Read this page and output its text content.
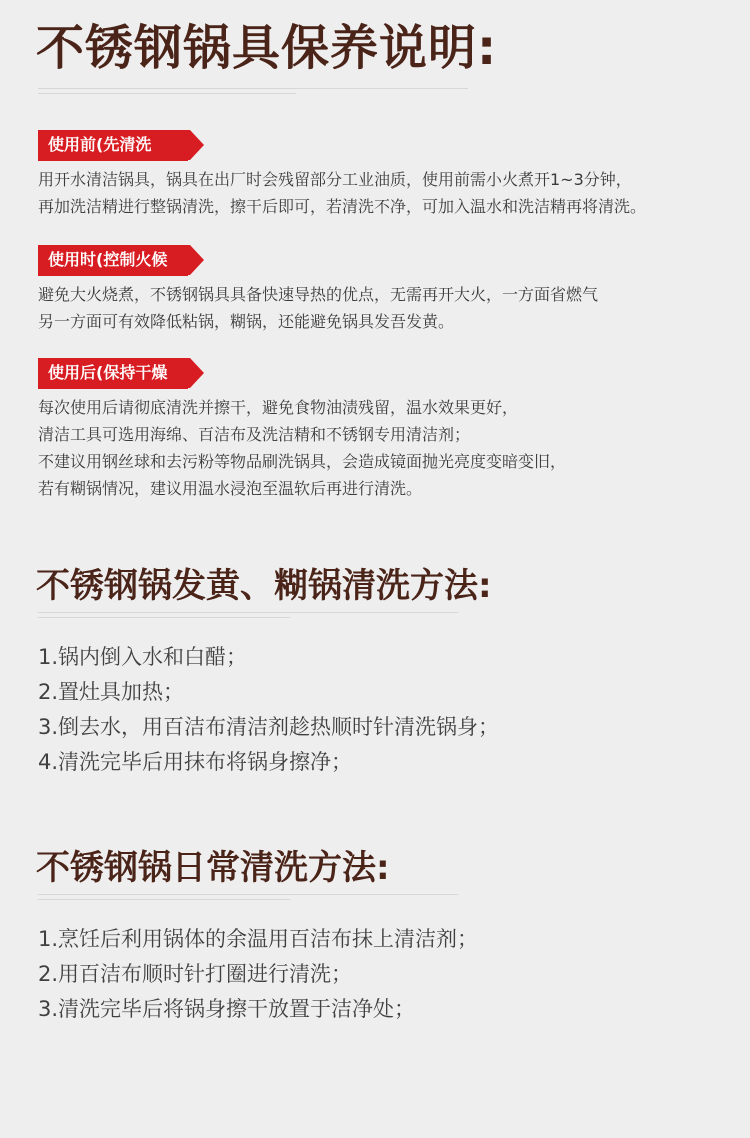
不锈钢锅具保养说明:
使用前(先清洗
用开水清洁锅具，锅具在出厂时会残留部分工业油质，使用前需小火煮开1~3分钟，
再加洗洁精进行整锅清洗，擦干后即可，若清洗不净，可加入温水和洗洁精再将清洗。
使用时(控制火候
避免大火烧煮，不锈钢锅具具备快速导热的优点，无需再开大火，一方面省燃气
另一方面可有效降低粘锅，糊锅，还能避免锅具发吾发黄。
使用后(保持干燥
每次使用后请彻底清洗并擦干，避免食物油渍残留，温水效果更好，
清洁工具可选用海绵、百洁布及洗洁精和不锈钢专用清洁剂；
不建议用钢丝球和去污粉等物品刷洗锅具，会造成镜面抛光亮度变暗变旧，
若有糊锅情况，建议用温水浸泡至温软后再进行清洗。
不锈钢锅发黄、糊锅清洗方法:
1.锅内倒入水和白醋；
2.置灶具加热；
3.倒去水，用百洁布清洁剂趁热顺时针清洗锅身；
4.清洗完毕后用抹布将锅身擦净；
不锈钢锅日常清洗方法:
1.烹饪后利用锅体的余温用百洁布抹上清洁剂；
2.用百洁布顺时针打圈进行清洗；
3.清洗完毕后将锅身擦干放置于洁净处；
